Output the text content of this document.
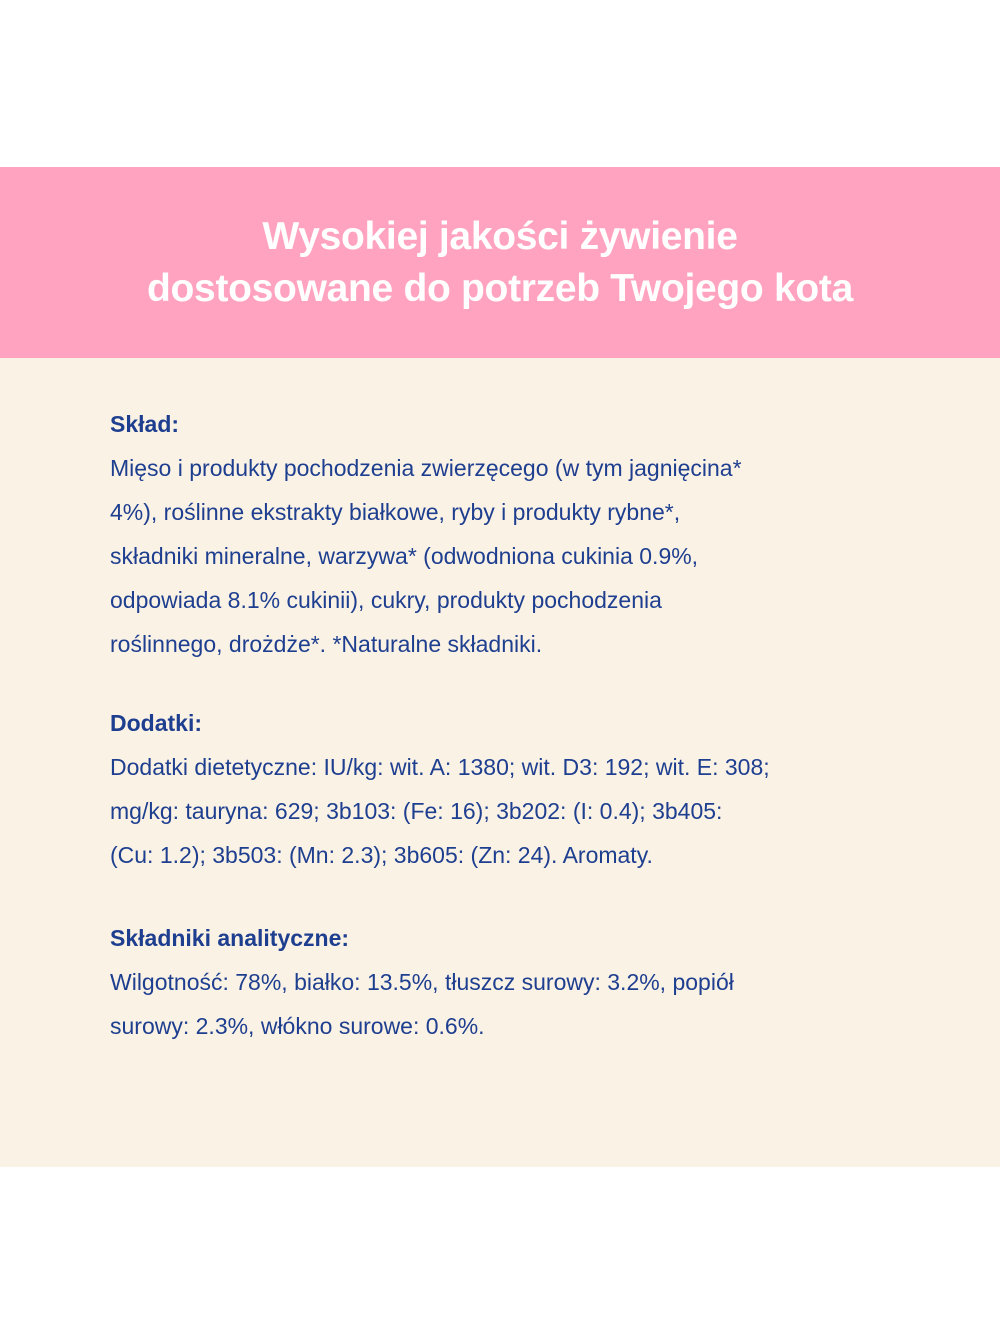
Wysokiej jakości żywienie
dostosowane do potrzeb Twojego kota
Skład:
Mięso i produkty pochodzenia zwierzęcego (w tym jagnięcina*
4%), roślinne ekstrakty białkowe, ryby i produkty rybne*,
składniki mineralne, warzywa* (odwodniona cukinia 0.9%,
odpowiada 8.1% cukinii), cukry, produkty pochodzenia
roślinnego, drożdże*. *Naturalne składniki.
Dodatki:
Dodatki dietetyczne: IU/kg: wit. A: 1380; wit. D3: 192; wit. E: 308;
mg/kg: tauryna: 629; 3b103: (Fe: 16); 3b202: (I: 0.4); 3b405:
(Cu: 1.2); 3b503: (Mn: 2.3); 3b605: (Zn: 24). Aromaty.
Składniki analityczne:
Wilgotność: 78%, białko: 13.5%, tłuszcz surowy: 3.2%, popiół
surowy: 2.3%, włókno surowe: 0.6%.
